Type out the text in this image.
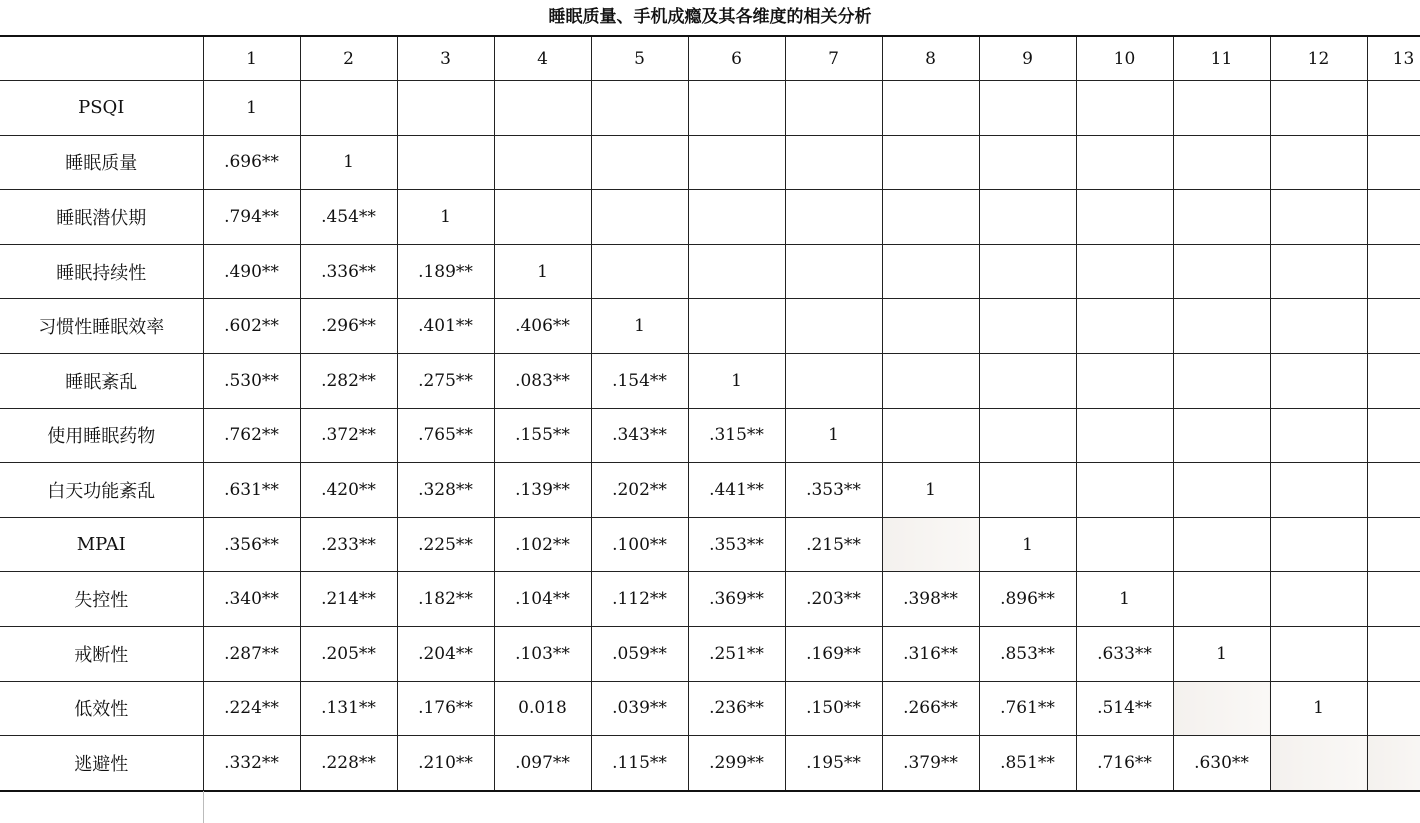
睡眠质量、手机成瘾及其各维度的相关分析
	1	2	3	4	5	6	7	8	9	10	11	12	13
PSQI	1												
睡眠质量	.696**	1											
睡眠潜伏期	.794**	.454**	1										
睡眠持续性	.490**	.336**	.189**	1									
习惯性睡眠效率	.602**	.296**	.401**	.406**	1								
睡眠紊乱	.530**	.282**	.275**	.083**	.154**	1							
使用睡眠药物	.762**	.372**	.765**	.155**	.343**	.315**	1						
白天功能紊乱	.631**	.420**	.328**	.139**	.202**	.441**	.353**	1					
MPAI	.356**	.233**	.225**	.102**	.100**	.353**	.215**		1				
失控性	.340**	.214**	.182**	.104**	.112**	.369**	.203**	.398**	.896**	1			
戒断性	.287**	.205**	.204**	.103**	.059**	.251**	.169**	.316**	.853**	.633**	1		
低效性	.224**	.131**	.176**	0.018	.039**	.236**	.150**	.266**	.761**	.514**		1	
逃避性	.332**	.228**	.210**	.097**	.115**	.299**	.195**	.379**	.851**	.716**	.630**		
